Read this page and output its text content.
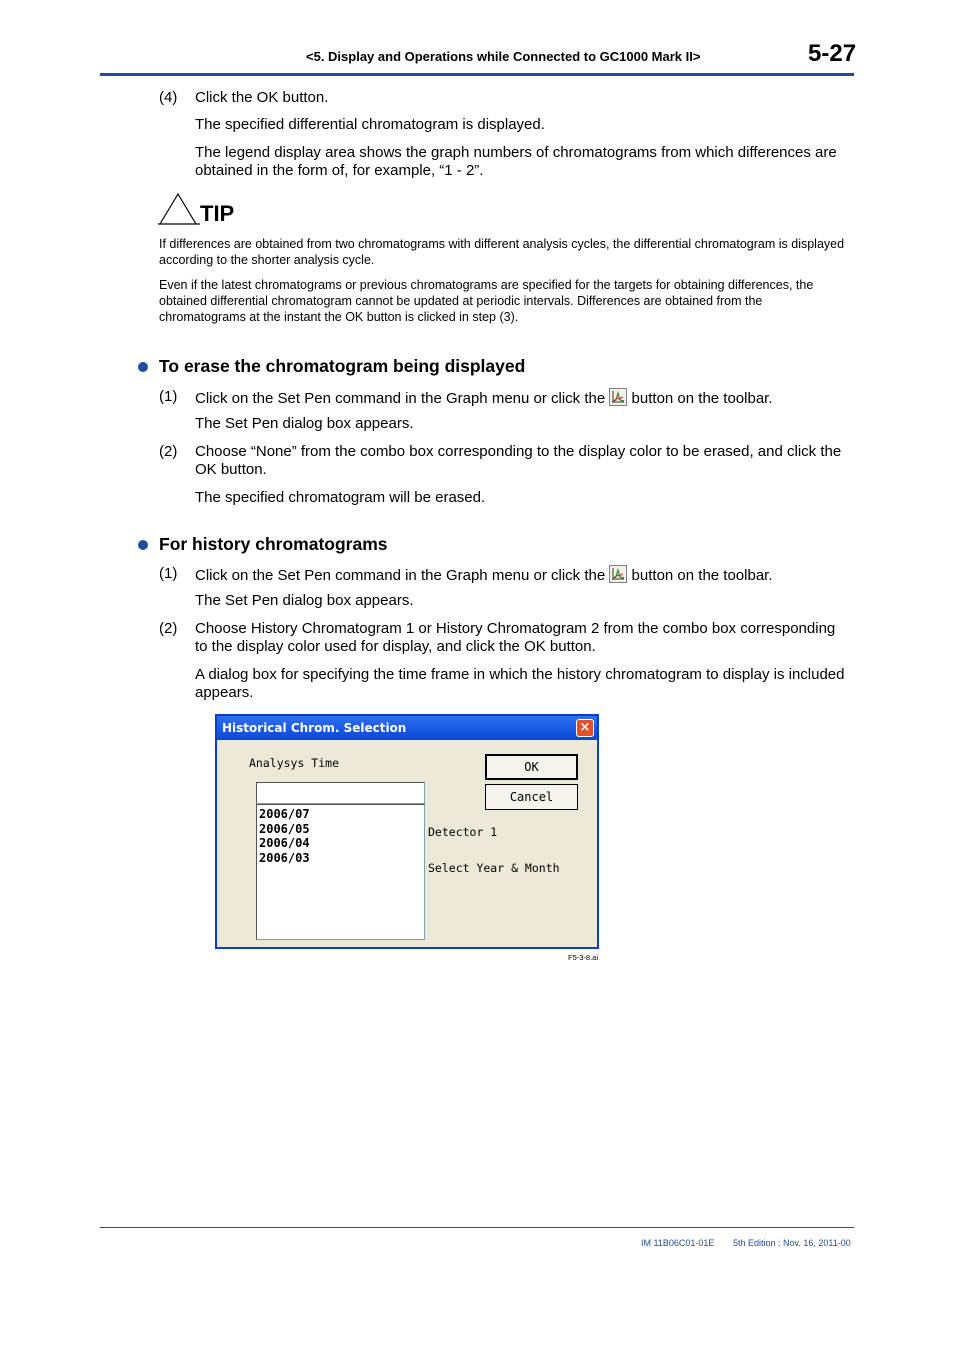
<5. Display and Operations while Connected to GC1000 Mark II>	5-27
(4) Click the OK button.
The specified differential chromatogram is displayed.
The legend display area shows the graph numbers of chromatograms from which differences are obtained in the form of, for example, “1 - 2”.
TIP
If differences are obtained from two chromatograms with different analysis cycles, the differential chromatogram is displayed according to the shorter analysis cycle.
Even if the latest chromatograms or previous chromatograms are specified for the targets for obtaining differences, the obtained differential chromatogram cannot be updated at periodic intervals. Differences are obtained from the chromatograms at the instant the OK button is clicked in step (3).
To erase the chromatogram being displayed
(1) Click on the Set Pen command in the Graph menu or click the button on the toolbar.
The Set Pen dialog box appears.
(2) Choose “None” from the combo box corresponding to the display color to be erased, and click the OK button.
The specified chromatogram will be erased.
For history chromatograms
(1) Click on the Set Pen command in the Graph menu or click the button on the toolbar.
The Set Pen dialog box appears.
(2) Choose History Chromatogram 1 or History Chromatogram 2 from the combo box corresponding to the display color used for display, and click the OK button.
A dialog box for specifying the time frame in which the history chromatogram to display is included appears.
Historical Chrom. Selection	×
Analysys Time
2006/07
2006/05
2006/04
2006/03
OK
Cancel
Detector 1
Select Year & Month
F5-3-8.ai
IM 11B06C01-01E 5th Edition : Nov. 16, 2011-00
